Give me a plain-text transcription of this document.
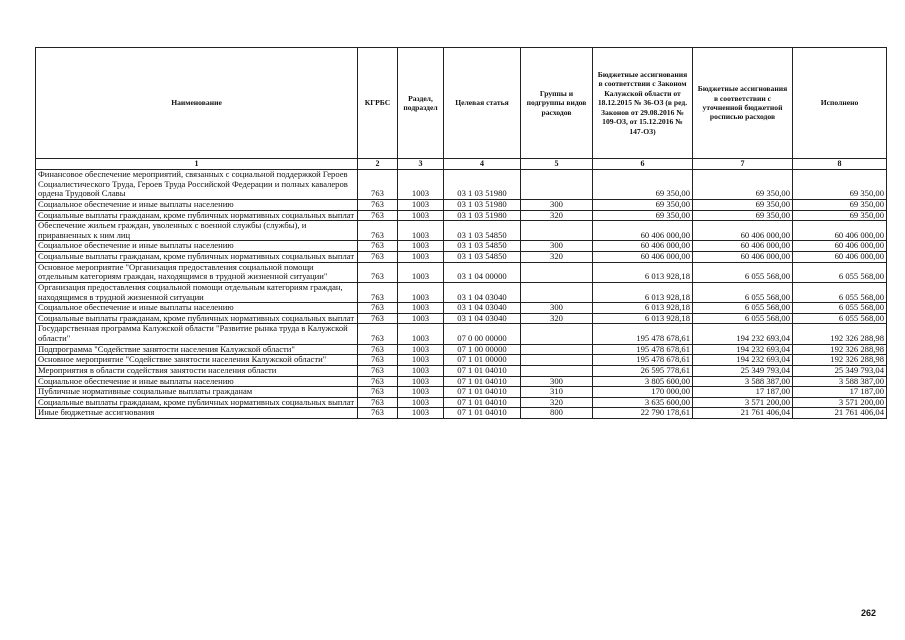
Наименование	КГРБС	Раздел, подраздел	Целевая статья	Группы и подгруппы видов расходов	Бюджетные ассигнования в соответствии с Законом Калужской области от 18.12.2015 № 36-ОЗ (в ред. Законов от 29.08.2016 № 109-ОЗ, от 15.12.2016 № 147-ОЗ)	Бюджетные ассигнования в соответствии с уточненной бюджетной росписью расходов	Исполнено
1	2	3	4	5	6	7	8
Финансовое обеспечение мероприятий, связанных с социальной поддержкой Героев Социалистического Труда, Героев Труда Российской Федерации и полных кавалеров ордена Трудовой Славы	763	1003	03 1 03 51980		69 350,00	69 350,00	69 350,00
Социальное обеспечение и иные выплаты населению	763	1003	03 1 03 51980	300	69 350,00	69 350,00	69 350,00
Социальные выплаты гражданам, кроме публичных нормативных социальных выплат	763	1003	03 1 03 51980	320	69 350,00	69 350,00	69 350,00
Обеспечение жильем граждан, уволенных с военной службы (службы), и приравненных к ним лиц	763	1003	03 1 03 54850		60 406 000,00	60 406 000,00	60 406 000,00
Социальное обеспечение и иные выплаты населению	763	1003	03 1 03 54850	300	60 406 000,00	60 406 000,00	60 406 000,00
Социальные выплаты гражданам, кроме публичных нормативных социальных выплат	763	1003	03 1 03 54850	320	60 406 000,00	60 406 000,00	60 406 000,00
Основное мероприятие "Организация предоставления социальной помощи отдельным категориям граждан, находящимся в трудной жизненной ситуации"	763	1003	03 1 04 00000		6 013 928,18	6 055 568,00	6 055 568,00
Организация предоставления социальной помощи отдельным категориям граждан, находящимся в трудной жизненной ситуации	763	1003	03 1 04 03040		6 013 928,18	6 055 568,00	6 055 568,00
Социальное обеспечение и иные выплаты населению	763	1003	03 1 04 03040	300	6 013 928,18	6 055 568,00	6 055 568,00
Социальные выплаты гражданам, кроме публичных нормативных социальных выплат	763	1003	03 1 04 03040	320	6 013 928,18	6 055 568,00	6 055 568,00
Государственная программа Калужской области "Развитие рынка труда в Калужской области"	763	1003	07 0 00 00000		195 478 678,61	194 232 693,04	192 326 288,98
Подпрограмма "Содействие занятости населения Калужской области"	763	1003	07 1 00 00000		195 478 678,61	194 232 693,04	192 326 288,98
Основное мероприятие "Содействие занятости населения Калужской области"	763	1003	07 1 01 00000		195 478 678,61	194 232 693,04	192 326 288,98
Мероприятия в области содействия занятости населения области	763	1003	07 1 01 04010		26 595 778,61	25 349 793,04	25 349 793,04
Социальное обеспечение и иные выплаты населению	763	1003	07 1 01 04010	300	3 805 600,00	3 588 387,00	3 588 387,00
Публичные нормативные социальные выплаты гражданам	763	1003	07 1 01 04010	310	170 000,00	17 187,00	17 187,00
Социальные выплаты гражданам, кроме публичных нормативных социальных выплат	763	1003	07 1 01 04010	320	3 635 600,00	3 571 200,00	3 571 200,00
Иные бюджетные ассигнования	763	1003	07 1 01 04010	800	22 790 178,61	21 761 406,04	21 761 406,04
262
